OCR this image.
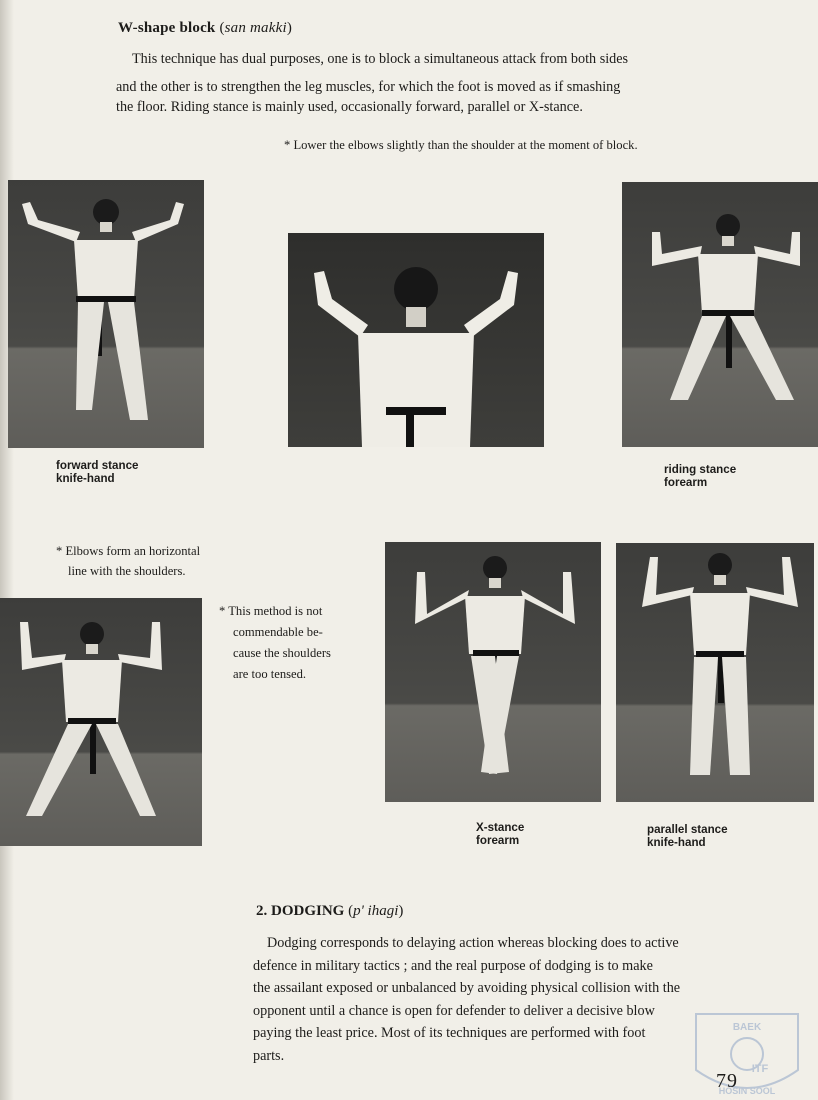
W-shape block (san makki)
This technique has dual purposes, one is to block a simultaneous attack from both sides
and the other is to strengthen the leg muscles, for which the foot is moved as if smashing
the floor. Riding stance is mainly used, occasionally forward, parallel or X-stance.
* Lower the elbows slightly than the shoulder at the moment of block.
forward stance
knife-hand
riding stance
forearm
X-stance
forearm
parallel stance
knife-hand
* Elbows form an horizontal
line with the shoulders.
* This method is not
commendable be-
cause the shoulders
are too tensed.
2. DODGING (p' ihagi)
Dodging corresponds to delaying action whereas blocking does to active
defence in military tactics ; and the real purpose of dodging is to make
the assailant exposed or unbalanced by avoiding physical collision with the
opponent until a chance is open for defender to deliver a decisive blow
paying the least price. Most of its techniques are performed with foot
parts.
BAEK
ITF
HOSIN SOOL
79
